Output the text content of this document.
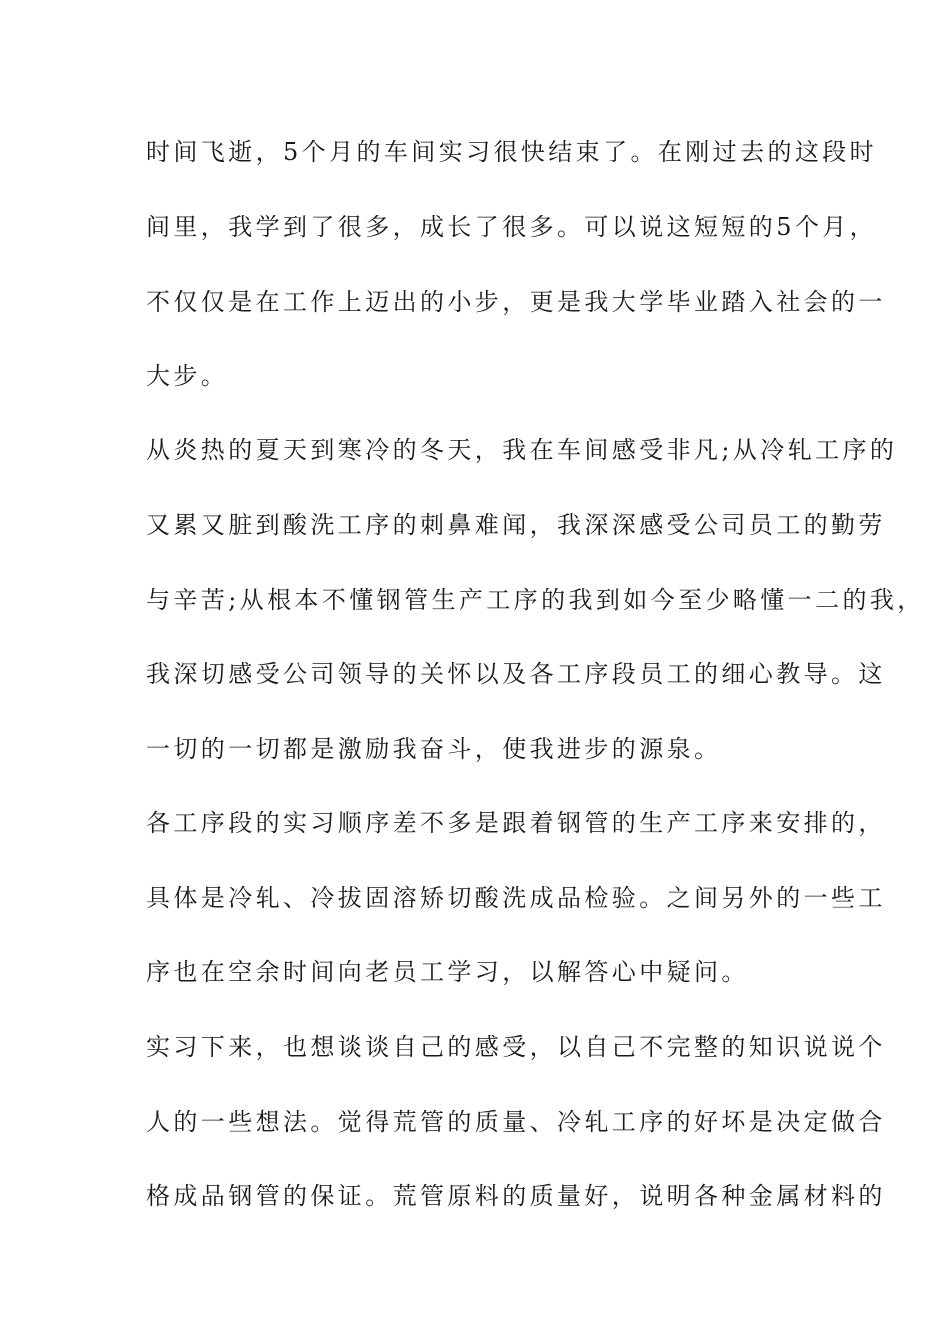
时间飞逝，5个月的车间实习很快结束了。在刚过去的这段时
间里，我学到了很多，成长了很多。可以说这短短的5个月，
不仅仅是在工作上迈出的小步，更是我大学毕业踏入社会的一
大步。
从炎热的夏天到寒冷的冬天，我在车间感受非凡;从冷轧工序的
又累又脏到酸洗工序的刺鼻难闻，我深深感受公司员工的勤劳
与辛苦;从根本不懂钢管生产工序的我到如今至少略懂一二的我，
我深切感受公司领导的关怀以及各工序段员工的细心教导。这
一切的一切都是激励我奋斗，使我进步的源泉。
各工序段的实习顺序差不多是跟着钢管的生产工序来安排的，
具体是冷轧、冷拔固溶矫切酸洗成品检验。之间另外的一些工
序也在空余时间向老员工学习，以解答心中疑问。
实习下来，也想谈谈自己的感受，以自己不完整的知识说说个
人的一些想法。觉得荒管的质量、冷轧工序的好坏是决定做合
格成品钢管的保证。荒管原料的质量好，说明各种金属材料的
